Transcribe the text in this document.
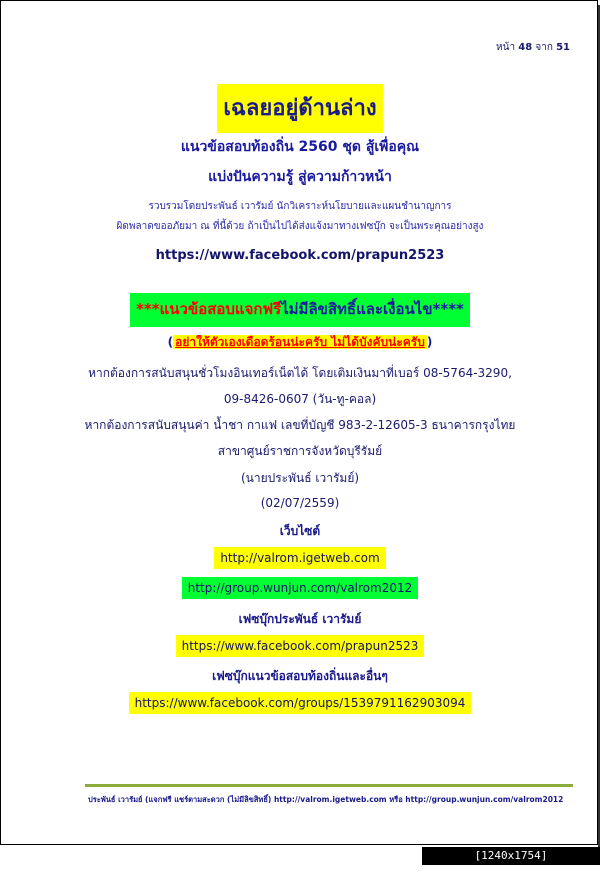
หน้า 48 จาก 51
เฉลยอยู่ด้านล่าง
แนวข้อสอบท้องถิ่น 2560 ชุด สู้เพื่อคุณ
แบ่งปันความรู้ สู่ความก้าวหน้า
รวบรวมโดยประพันธ์ เวารัมย์ นักวิเคราะห์นโยบายและแผนชำนาญการ
ผิดพลาดขออภัยมา ณ ที่นี้ด้วย ถ้าเป็นไปได้ส่งแจ้งมาทางเฟซบุ๊ก จะเป็นพระคุณอย่างสูง
https://www.facebook.com/prapun2523
***แนวข้อสอบแจกฟรีไม่มีลิขสิทธิ์และเงื่อนไข****
( อย่าให้ตัวเองเดือดร้อนน่ะครับ ไม่ได้บังคับน่ะครับ )
หากต้องการสนับสนุนชั่วโมงอินเทอร์เน็ตได้ โดยเติมเงินมาที่เบอร์ 08-5764-3290,
09-8426-0607 (วัน-ทู-คอล)
หากต้องการสนับสนุนค่า น้ำชา กาแฟ เลขที่บัญชี 983-2-12605-3 ธนาคารกรุงไทย
สาขาศูนย์ราชการจังหวัดบุรีรัมย์
(นายประพันธ์ เวารัมย์)
(02/07/2559)
เว็บไซต์
http://valrom.igetweb.com
http://group.wunjun.com/valrom2012
เฟซบุ๊กประพันธ์ เวารัมย์
https://www.facebook.com/prapun2523
เฟซบุ๊กแนวข้อสอบท้องถิ่นและอื่นๆ
https://www.facebook.com/groups/1539791162903094
ประพันธ์ เวารัมย์ (แจกฟรี แชร์ตามสะดวก (ไม่มีลิขสิทธิ์) http://valrom.igetweb.com หรือ http://group.wunjun.com/valrom2012
[1240x1754] https://upic.me/
